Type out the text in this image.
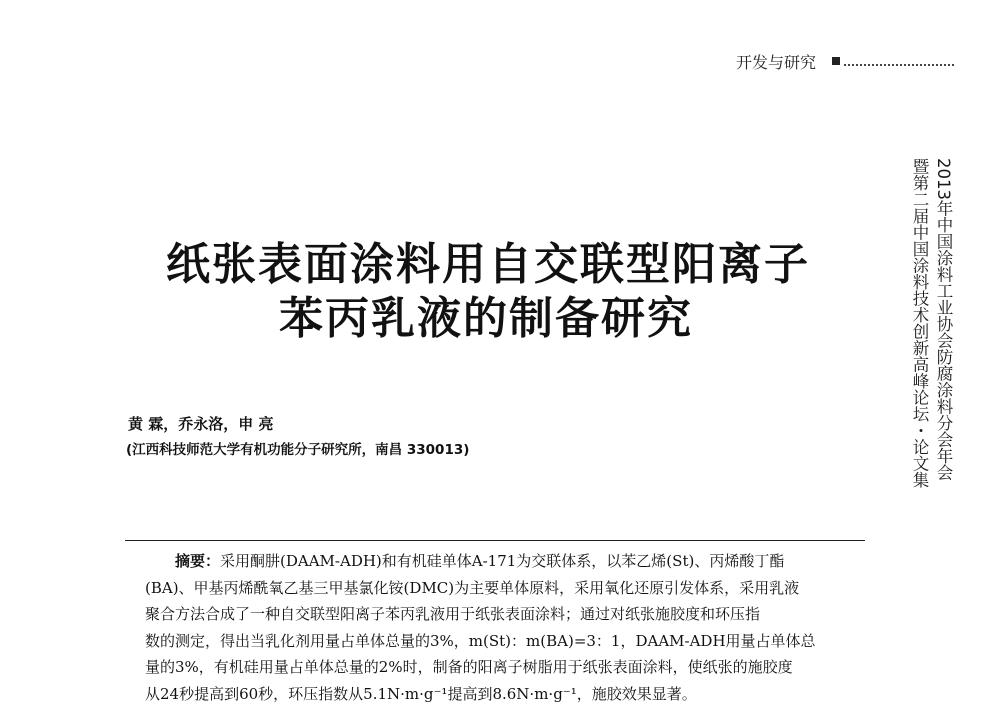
开发与研究
2013年中国涂料工业协会防腐涂料分会年会
暨第二届中国涂料技术创新高峰论坛・论文集
纸张表面涂料用自交联型阳离子
苯丙乳液的制备研究
黄 霖，乔永洛，申 亮
(江西科技师范大学有机功能分子研究所，南昌 330013)
摘要：采用酮肼(DAAM-ADH)和有机硅单体A-171为交联体系，以苯乙烯(St)、丙烯酸丁酯
(BA)、甲基丙烯酰氧乙基三甲基氯化铵(DMC)为主要单体原料，采用氧化还原引发体系，采用乳液
聚合方法合成了一种自交联型阳离子苯丙乳液用于纸张表面涂料；通过对纸张施胶度和环压指
数的测定，得出当乳化剂用量占单体总量的3%，m(St)：m(BA)=3：1，DAAM-ADH用量占单体总
量的3%，有机硅用量占单体总量的2%时，制备的阳离子树脂用于纸张表面涂料，使纸张的施胶度
从24秒提高到60秒，环压指数从5.1N·m·g⁻¹提高到8.6N·m·g⁻¹，施胶效果显著。
